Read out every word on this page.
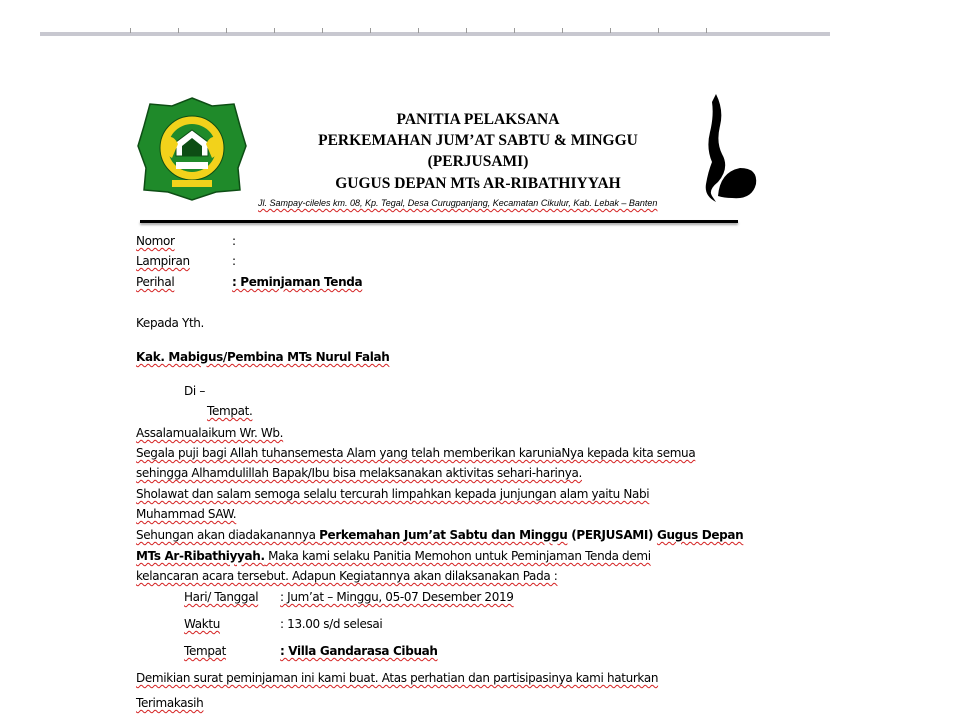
PANITIA PELAKSANA
PERKEMAHAN JUM’AT SABTU & MINGGU
(PERJUSAMI)
GUGUS DEPAN MTs AR-RIBATHIYYAH
Jl. Sampay-cileles km. 08, Kp. Tegal, Desa Curugpanjang, Kecamatan Cikulur, Kab. Lebak – Banten
Nomor	:
Lampiran	:
Perihal	: Peminjaman Tenda
Kepada Yth.
Kak. Mabigus/Pembina MTs Nurul Falah
Di –
Tempat.
Assalamualaikum Wr. Wb.
Segala puji bagi Allah tuhansemesta Alam yang telah memberikan karuniaNya kepada kita semua
sehingga Alhamdulillah Bapak/Ibu bisa melaksanakan aktivitas sehari-harinya.
Sholawat dan salam semoga selalu tercurah limpahkan kepada junjungan alam yaitu Nabi
Muhammad SAW.
Sehungan akan diadakanannya Perkemahan Jum’at Sabtu dan Minggu (PERJUSAMI) Gugus Depan
MTs Ar-Ribathiyyah. Maka kami selaku Panitia Memohon untuk Peminjaman Tenda demi
kelancaran acara tersebut. Adapun Kegiatannya akan dilaksanakan Pada :
Hari/ Tanggal : Jum’at – Minggu, 05-07 Desember 2019
Waktu	: 13.00 s/d selesai
Tempat	: Villa Gandarasa Cibuah
Demikian surat peminjaman ini kami buat. Atas perhatian dan partisipasinya kami haturkan
Terimakasih
